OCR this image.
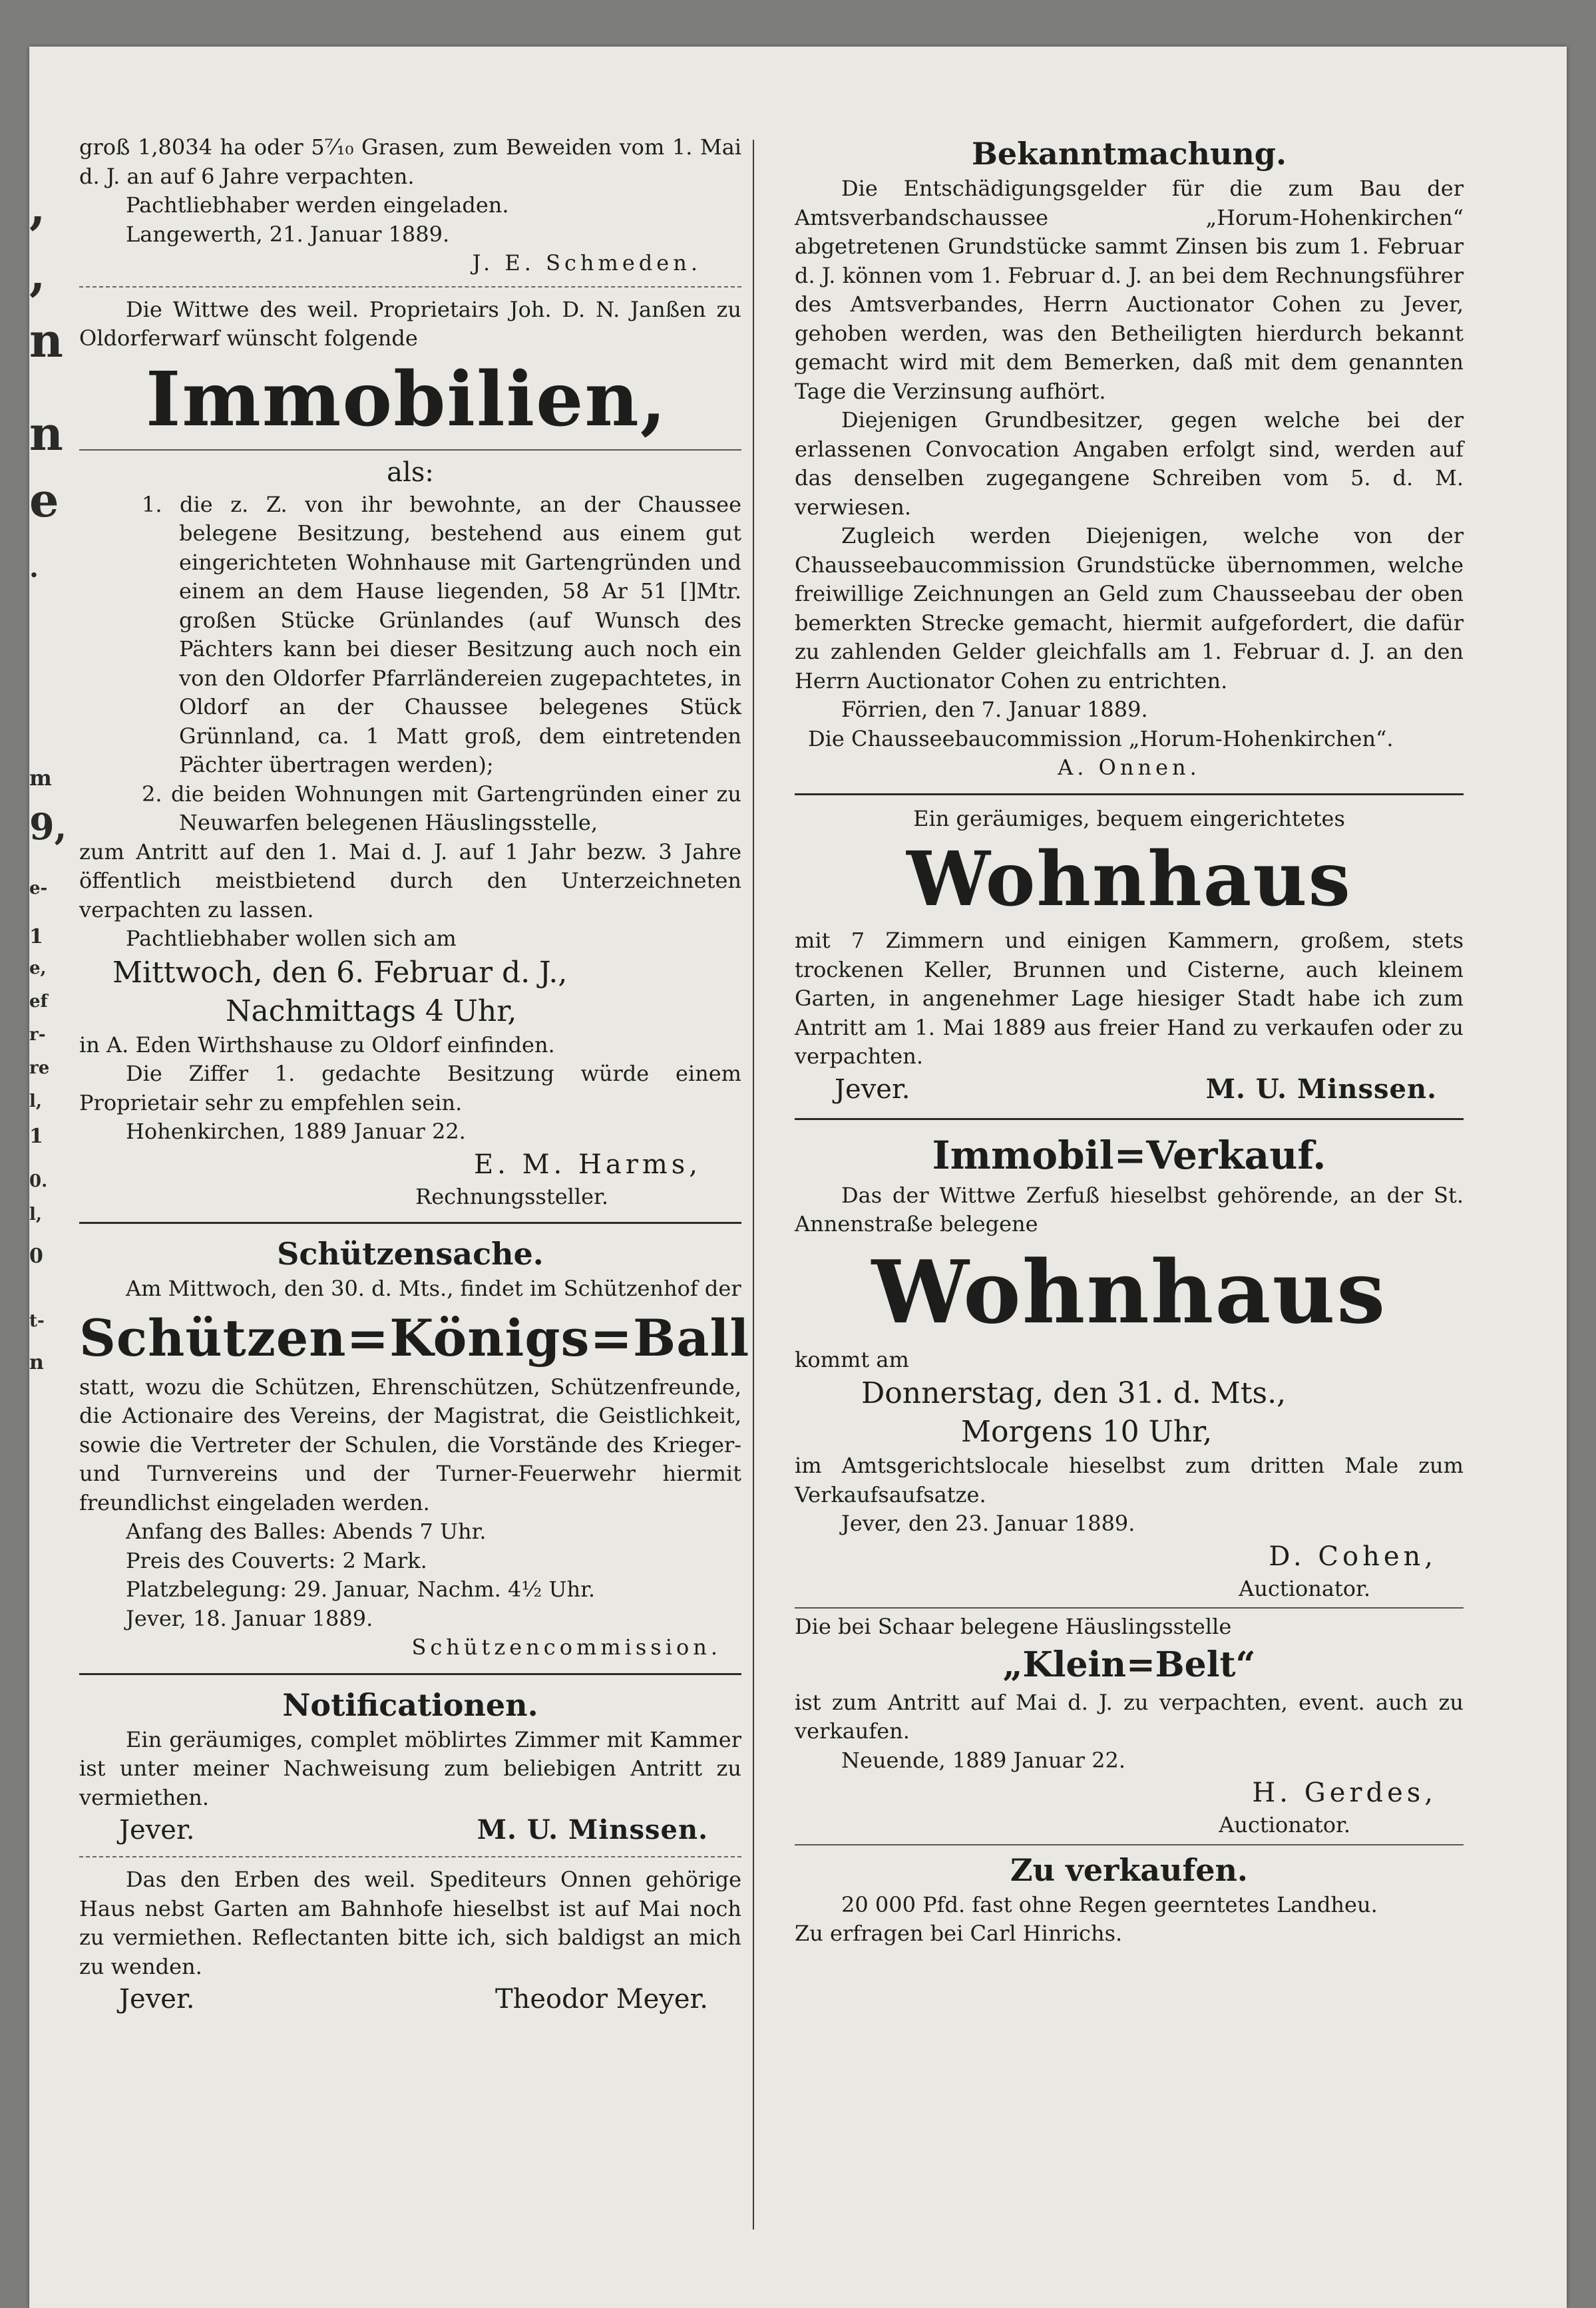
,
,
n
n
e
.
m
9,
e-
1
e,
ef
r-
re
l,
1
0.
l,
0
t-
n

groß 1,8034 ha oder 5⁷⁄₁₀ Grasen, zum Beweiden vom 1. Mai d. J. an auf 6 Jahre verpachten.

Pachtliebhaber werden eingeladen.

Langewerth, 21. Januar 1889.

J. E. Schmeden.

Die Wittwe des weil. Proprietairs Joh. D. N. Janßen zu Oldorferwarf wünscht folgende

Immobilien,

als:

1. die z. Z. von ihr bewohnte, an der Chaussee belegene Besitzung, bestehend aus einem gut eingerichteten Wohnhause mit Gartengründen und einem an dem Hause liegenden, 58 Ar 51 []Mtr. großen Stücke Grünlandes (auf Wunsch des Pächters kann bei dieser Besitzung auch noch ein von den Oldorfer Pfarrländereien zugepachtetes, in Oldorf an der Chaussee belegenes Stück Grünnland, ca. 1 Matt groß, dem eintretenden Pächter übertragen werden);

2. die beiden Wohnungen mit Gartengründen einer zu Neuwarfen belegenen Häuslingsstelle,

zum Antritt auf den 1. Mai d. J. auf 1 Jahr bezw. 3 Jahre öffentlich meistbietend durch den Unterzeichneten verpachten zu lassen.

Pachtliebhaber wollen sich am

Mittwoch, den 6. Februar d. J.,

Nachmittags 4 Uhr,

in A. Eden Wirthshause zu Oldorf einfinden.

Die Ziffer 1. gedachte Besitzung würde einem Proprietair sehr zu empfehlen sein.

Hohenkirchen, 1889 Januar 22.

E. M. Harms,

Rechnungssteller.

Schützensache.

Am Mittwoch, den 30. d. Mts., findet im Schützenhof der

Schützen=Königs=Ball

statt, wozu die Schützen, Ehrenschützen, Schützenfreunde, die Actionaire des Vereins, der Magistrat, die Geistlichkeit, sowie die Vertreter der Schulen, die Vorstände des Krieger- und Turnvereins und der Turner-Feuerwehr hiermit freundlichst eingeladen werden.

Anfang des Balles: Abends 7 Uhr.

Preis des Couverts: 2 Mark.

Platzbelegung: 29. Januar, Nachm. 4¹⁄₂ Uhr.

Jever, 18. Januar 1889.

Schützencommission.

Notificationen.

Ein geräumiges, complet möblirtes Zimmer mit Kammer ist unter meiner Nachweisung zum beliebigen Antritt zu vermiethen.

Jever.	M. U. Minssen.

Das den Erben des weil. Spediteurs Onnen gehörige Haus nebst Garten am Bahnhofe hieselbst ist auf Mai noch zu vermiethen. Reflectanten bitte ich, sich baldigst an mich zu wenden.

Jever.	Theodor Meyer.

Bekanntmachung.

Die Entschädigungsgelder für die zum Bau der Amtsverbandschaussee „Horum-Hohenkirchen“ abgetretenen Grundstücke sammt Zinsen bis zum 1. Februar d. J. können vom 1. Februar d. J. an bei dem Rechnungsführer des Amtsverbandes, Herrn Auctionator Cohen zu Jever, gehoben werden, was den Betheiligten hierdurch bekannt gemacht wird mit dem Bemerken, daß mit dem genannten Tage die Verzinsung aufhört.

Diejenigen Grundbesitzer, gegen welche bei der erlassenen Convocation Angaben erfolgt sind, werden auf das denselben zugegangene Schreiben vom 5. d. M. verwiesen.

Zugleich werden Diejenigen, welche von der Chausseebaucommission Grundstücke übernommen, welche freiwillige Zeichnungen an Geld zum Chausseebau der oben bemerkten Strecke gemacht, hiermit aufgefordert, die dafür zu zahlenden Gelder gleichfalls am 1. Februar d. J. an den Herrn Auctionator Cohen zu entrichten.

Förrien, den 7. Januar 1889.

Die Chausseebaucommission „Horum-Hohenkirchen“.

A. Onnen.

Ein geräumiges, bequem eingerichtetes

Wohnhaus

mit 7 Zimmern und einigen Kammern, großem, stets trockenen Keller, Brunnen und Cisterne, auch kleinem Garten, in angenehmer Lage hiesiger Stadt habe ich zum Antritt am 1. Mai 1889 aus freier Hand zu verkaufen oder zu verpachten.

Jever.	M. U. Minssen.

Immobil=Verkauf.

Das der Wittwe Zerfuß hieselbst gehörende, an der St. Annenstraße belegene

Wohnhaus

kommt am

Donnerstag, den 31. d. Mts.,

Morgens 10 Uhr,

im Amtsgerichtslocale hieselbst zum dritten Male zum Verkaufsaufsatze.

Jever, den 23. Januar 1889.

D. Cohen,

Auctionator.

Die bei Schaar belegene Häuslingsstelle

„Klein=Belt“

ist zum Antritt auf Mai d. J. zu verpachten, event. auch zu verkaufen.

Neuende, 1889 Januar 22.

H. Gerdes,

Auctionator.

Zu verkaufen.

20 000 Pfd. fast ohne Regen geerntetes Landheu.

Zu erfragen bei Carl Hinrichs.
